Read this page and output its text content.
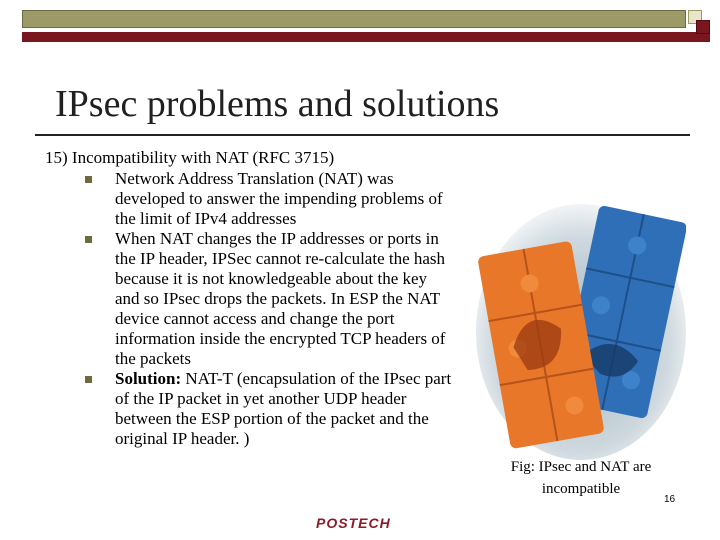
IPsec problems and solutions

15) Incompatibility with NAT (RFC 3715)

Network Address Translation (NAT) was developed to answer the impending problems of the limit of IPv4 addresses
When NAT changes the IP addresses or ports in the IP header, IPSec cannot re-calculate the hash because it is not knowledgeable about the key and so IPsec drops the packets. In ESP the NAT device cannot access and change the port information inside the encrypted TCP headers of the packets
Solution: NAT-T (encapsulation of the IPsec part of the IP packet in yet another UDP header between the ESP portion of the packet and the original IP header. )
Fig: IPsec and NAT are
incompatible
16
POSTECH
